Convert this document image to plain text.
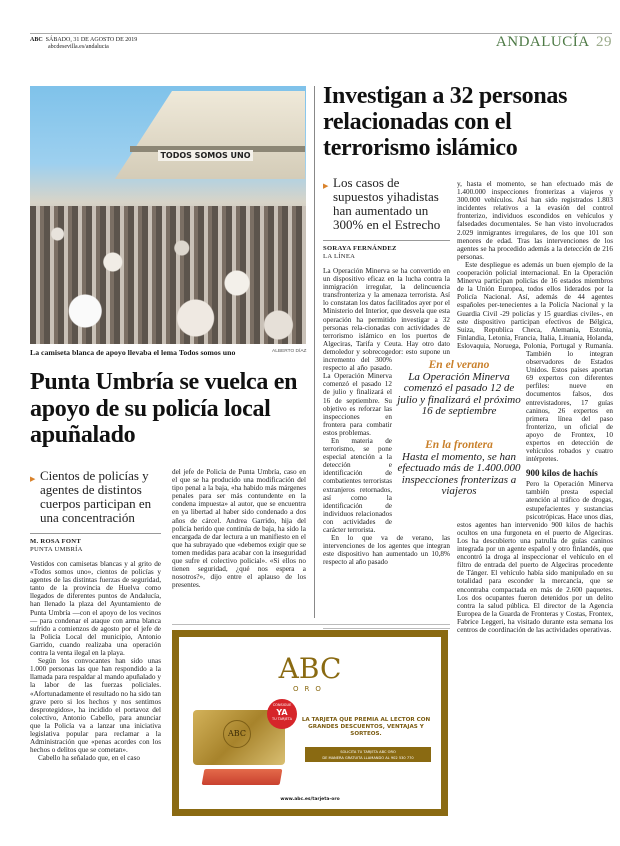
ABC SÁBADO, 31 DE AGOSTO DE 2019
abcdesevilla.es/andalucia	ANDALUCÍA 29
TODOS SOMOS UNO
La camiseta blanca de apoyo llevaba el lema Todos somos uno	ALBERTO DÍAZ
Punta Umbría se vuelca en apoyo de su policía local apuñalado
▶ Cientos de policías y agentes de distintos cuerpos participan en una concentración
M. ROSA FONT
PUNTA UMBRÍA

Vestidos con camisetas blancas y al grito de «Todos somos uno», cientos de policías y agentes de las distintas fuerzas de seguridad, tanto de la provincia de Huelva como llegados de diferentes puntos de Andalucía, han llenado la plaza del Ayuntamiento de Punta Umbría —con el apoyo de los vecinos— para condenar el ataque con arma blanca sufrido a comienzos de agosto por el jefe de la Policía Local del municipio, Antonio Garrido, cuando realizaba una operación contra la venta ilegal en la playa.

Según los convocantes han sido unas 1.000 personas las que han respondido a la llamada para respaldar al mando apuñalado y la labor de las fuerzas policiales. «Afortunadamente el resultado no ha sido tan grave pero si los hechos y nos sentimos desprotegidos», ha incidido el portavoz del colectivo, Antonio Cabello, para anunciar que la Policía va a lanzar una iniciativa legislativa popular para reclamar a la Administración que «penas acordes con los hechos o delitos que se cometan».

Cabello ha señalado que, en el caso

del jefe de Policía de Punta Umbría, caso en el que se ha producido una modificación del tipo penal a la baja, «ha habido más márgenes penales para ser más contundente en la condena impuesta» al autor, que se encuentra en ya libertad al haber sido condenado a dos años de cárcel. Andrea Garrido, hija del policía herido que continúa de baja, ha sido la encargada de dar lectura a un manifiesto en el que ha subrayado que «debemos exigir que se tomen medidas para acabar con la inseguridad que sufre el colectivo policial». «Si ellos no tienen seguridad, ¿qué nos espera a nosotros?», dijo entre el aplauso de los presentes.

ABC
ORO
ABC
CONSIGUE
YA
TU TARJETA	LA TARJETA QUE PREMIA AL LECTOR CON GRANDES DESCUENTOS, VENTAJAS Y SORTEOS.
SOLICITA TU TARJETA ABC ORO
DE MANERA GRATUITA LLAMANDO AL 902 530 770
www.abc.es/tarjeta-oro
Investigan a 32 personas relacionadas con el terrorismo islámico
▶ Los casos de supuestos yihadistas han aumentado un 300% en el Estrecho
SORAYA FERNÁNDEZ
LA LÍNEA

La Operación Minerva se ha convertido en un dispositivo eficaz en la lucha contra la inmigración irregular, la delincuencia transfronteriza y la amenaza terrorista. Así lo constatan los datos facilitados ayer por el Ministerio del Interior, que desvela que esta operación ha permitido investigar a 32 personas rela-cionadas con actividades de terrorismo islámico en los puertos de Algeciras, Tarifa y Ceuta. Hay otro dato demoledor y sobrecogedor: esto supone un incremento del 300% respecto al año pasado. La Operación Minerva comenzó el pasado 12 de julio y finalizará el 16 de septiembre. Su objetivo es reforzar las inspecciones en frontera para combatir estos problemas.

En materia de terrorismo, se pone especial atención a la detección	e identificación de combatientes terroristas extranjeros retornados, así como la identificación de individuos relacionados con actividades de carácter terrorista.

En lo que va de verano, las intervenciones de los agentes que integran este dispositivo han aumentado un 10,8% respecto al año pasado

En el verano
La Operación Minerva comenzó el pasado 12 de julio y finalizará el próximo 16 de septiembre
En la frontera
Hasta el momento, se han efectuado más de 1.400.000 inspecciones fronterizas a viajeros

y, hasta el momento, se han efectuado más de 1.400.000 inspecciones fronterizas a viajeros y 300.000 vehículos. Así han sido registrados 1.803 incidentes relativos a la evasión del control fronterizo, individuos escondidos en vehículos y falsedades documentales. Se han visto involucrados 2.029 inmigrantes irregulares, de los que 101 son menores de edad. Tras las intervenciones de los agentes se ha procedido además a la detección de 216 personas.

Este despliegue es además un buen ejemplo de la cooperación policial internacional. En la Operación Minerva participan policías de 16 estados miembros de la Unión Europea, todos ellos liderados por la Policía Nacional. Así, además de 44 agentes españoles per-tenecientes a la Policía Nacional y la Guardia Civil -29 policías y 15 guardias civiles-, en este dispositivo participan efectivos de Bélgica, Suiza, Republica Checa, Alemania, Estonia, Finlandia, Letonia, Francia, Italia, Lituania, Holanda, Eslovaquia, Noruega, Polonia, Portugal y Rumanía. También lo integran observadores de Estados Unidos. Estos países aportan 69 expertos con diferentes perfiles: nueve en documentos falsos, dos entrevistadores, 17 guías caninos, 26 expertos en primera línea del paso fronterizo, un oficial de apoyo de Frontex, 10 expertos en detección de vehículos robados y cuatro intérpretes.

900 kilos de hachís

Pero la Operación Minerva también presta especial atención al tráfico de drogas, estupefacientes y sustancias psicotrópicas. Hace unos días, estos agentes han intervenido 900 kilos de hachís ocultos en una furgoneta en el puerto de Algeciras. Los ha descubierto una patrulla de guías caninos integrada por un agente español y otro finlandés, que encontró la droga al inspeccionar el vehículo en el filtro de entrada del puerto de Algeciras procedente de Tánger. El vehículo había sido manipulado en su totalidad para esconder la mercancía, que se encontraba compactada en más de 2.600 paquetes. Los dos ocupantes fueron detenidos por un delito contra la salud pública. El director de la Agencia Europea de la Guarda de Fronteras y Costas, Frontex, Fabrice Leggeri, ha visitado durante esta semana los centros de coordinación de las actividades operativas.
